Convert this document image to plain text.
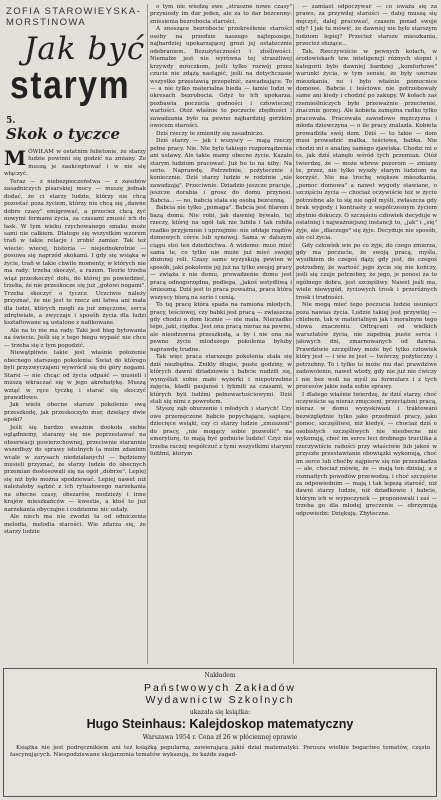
ZOFIA STAROWIEYSKA-MORSTINOWA
Jak być
starym
5.
Skok o tyczce

MÓWIŁAM w ostatnim felietonie, że starzy ludzie powinni się godzić na zmiany. Że muszą je zaakceptować i w nie się włączyć.

Teraz — z niebezpieczeństwa — z zasobów zasadniczych pisarskiej mocy — muszę jednak dodać, że ci starzy ludzie, którzy nie chcą pozostać poza życiem, którzy nie chcą się „dawne dobre czasy" emigrować, a przecież chcą żyć nowymi formami życia, za czasami zmusić ich do łask. W tym wieku rzychowanego smaku może sami nie całkiem. Dlatego się wszystkim wzorem trafi w takie relacje i zrobić zamiar. Tak też wiecie: wiecej, historia — niejednokrotnie — posuwa się naprzód skokami. I gdy się wsiąka w życie, trafi w takie chwile momenty, w których nie ma rady: trzeba skoczyć, a razem. Teorie trzeba wiąż przeskoczyć dołu, do której po powiedzieć, trzeba, że nie przeskocze się już „gotowi nogami". Trzeba skoczyć o tyczce. Uczciwie należy przyznać, że nie jest to rzecz ani łatwa ani mała dla ludzi, których mogli za już zmęczone, serca zdrętwiałe, a zwyczaje i sposób życia dla ludzi kształtowane są ustalone z nafikowane.

Ale na to nie ma rady. Taki jest bieg bytowania na świecie. Jeśli się z tego biegu wypaść nie chce — trzeba się z tym pogodzić.

Niewątpliwie takie jest właśnie położenie obecnego starszego pokolenia: Świat do którego byli przyzwyczajeni wywrócił się do góry nogami. Starsi — nie chcąc od życia odpaść — musieli i muszą wkraczać się w jego akrobatykę. Muszą wziąć w ręce tyczkę i starać się skoczyć prawidłowo.

Jak wielu obecne starsze pokolenie ową przeszkodę, jak przeskoczyło mur, dzielący dwie epoki?

Jeśli się bardzo uważnie dookoła siebie oglądniemy, staramy się nie poprzestawać na obserwacji powierzchownej, przeciwnie starannie wszedłszy do sprawy istotnych (a moim zdaniem wcale w zarysach niedziałanych) — będziemy musieli przyznać, że starzy ludzie do obecnych przemian dostosowali się na ogół „dobrze". Lepiej się niż było można spodziewać. Lepiej nawet niż należałoby sądzić z ich rytuałowego narzekania na obecne czasy, obszarów, modzieży i inne krajów mieszkańców — kwestie, a ktoś to już narzekania obyczajne i codzienne nic ustały.

Ale niech ma nie zwodzi ta od odniczenia melodia, melodia starości. Wie zdarza się, że starzy ludzie

o tym nie wiedzą owe „straszne nowe czasy" przyniosły im dar jeden, ale za to dar bezcenny: zniesienia bezrobocia starości.

A znoszące bezrobocie przekreślenie starości osoby na przedzie naszego najlepszego, najbardziej upokarzającej grozi jej ostatecznie odebraniem. Bezużyteczności i złośliwości. Niemalże jest nie wyrówna tej straszliwej krzywdy mroczkom, jeśli tylko rozwój przez czucie nie zdążą nastąpić, jeśli na dotychczasie wszystko przestawią przepełnić, zawadzające. To — a nie tylko materialna bieda — łamie ludzi w okresach bezrobocia. Gdyż to ich upokarza, pozbawia poczucia godności i człowieczej wartości. Otóż właśnie to poczucie zbędności i zawadzania było na pewno najbardziej gorzkim owocem starości.

Dziś rzeczy te zmieniły się zasadniczo.

Dziś starzy — jak i wszyscy — mają rzeczy pełne pracy. Nie. Nie było takiego rozporządzenia ani ustawy. Ale takie mamy obecne życie. Kazało starym ludziom pracować. Już bo to na niby: Na serio. Naprawdę. Potrzebnie, pożytecznie i koniecznie. Dziś starzy ludzie w rodzinie „nie zawadzają". Przeciwnie. Dziadzio jeszcze pracuje, jeszcze dorabia i grosz do domu przynosi. Babcia... — no, babcia stała się osobą bezcenną.

Babcia nie tylko „pomaga". Babcia jest filarem i bazą domu. Nie robi, jak dawniej bywało, tej rzeczy, której na ogół tak nie lubiła i tak robiła rzadko przyjemnie i uprzejmie: nie oddaje rządów domowych córce lub synowej. Sama w dalszym ciągu stoi ten dziedzictwa. A widomo: musi mieć sama te, co tylko nie może już mieć swojej złożonej roli. Czasy same wyzyskują pewien w sposób, jaki pokolenie jej już na tylko swojej pracy — zwiąża z nie domu, prowadzenie domu jest pracą odnogorzędna, podlega, „jakoś wstydliwą i śmieszną. Dziś jest to praca poważna, praca która wszyscy biorą na serio i cenią.

To tej pracę która spada na ramiona młodych, pracy, teściowej, czy babki jest pracą — zwłaszcza gdy chodzi o dom licznie — nie mała. Nierzadko tego, jaki, ciężka. Jest ona pracą nieraz na pewno, ale nieodzowna przeszkodą, a by i nie ona na pewno życie młodszego pokolenia byłoby naprawdę trudne.

Tak więc praca starszego pokolenia stała się dziś niezbędna. Znikły długie, puste godziny, w których dawni dziadziowie i babcie nudzili się, wymyślali sobie małe wyżerki i niepotrzebne zajęcia, kładli pasjansé i łykmili za czasami, w których byli ludźmi pełnowartościowymi. Dziś stali się nimi z powrotem.

Styszę ząb oburzenie i młodych i starych! Czy owe przemęczone babcie popychające, sapiące, dziecięce wsiąki, czy ci starzy ludzie „zmuszeni" do pracy, „nie mogący sobie pozwolić" na emeryturę, to mają być godnicie ludzie! Czyż nie trzeba raczej współczuć z tymi wszystkimi starymi ludźmi, którym

— zamiast odpoczywać — co uważa się za prawo, za przywilej starości — dalej muszą się męczyć, dalej pracować, czasem ponad swoje siły? I jak tu mówić, że dawniej nie było starszym ludziom lepiej? Przecież starsze mieszkania, przecież służące...

Tak. Rzeczywiście w pewnych kołach, w środowiskach tzw. inteligencji różnych stopni i kategorii było dawniej bardziej „komfortowe" warunki życia, w tym sensie, że były szersze mieszkania, no i było właśnie pomocnice domowe. Babcie i teściowe nie potrzebowały same ani kiedy i chodzić po zakupy. W kołach zaś rzemieślniczych było przeważnie przeciwnie, znacznie gorzej. Ale kobieta zamężna radko tylko pracowała. Pracowała zawodowo mężczyzna i młoda dziewczyna — o ile pracy znalazła. Kobieta prowadziła swój dom. Dziś — to takie — dom musi prowadzić matka, teściowa, babka. Nie chodzi mi o analizę samego zjawiska. Chodzi mi o to, jak dziś stanęło wśród tych przemian. Otóż twierdzę, że — może wbrew pozorom — zmiany te, przez, nie tylko wyszły starym ludziom na korzyść. Nie ma trochę większe mieszkania, „pomoc domowa" a nawet wygody stawiane, o szczęściu życia — chociaż oczywiście też w życiu potrzebne ale to się nie ogół myśli, zwłaszcza gdy brak wygody i kontrasty z wspólczesnym życiem zbytnio dokuczy. O szczęściu człowiek decyduje w ostatniej i najważniejszej instancji to, „jak" i „się" żyje, ale „dlaczego" się żyje. Decyduje nie sposób, ale cel życia.

Gdy człowiek wie po co żyje, do czego zmierza, gdy ma poczucie, że swoją pracą, myśla, wysiłkiem do czegoś dąży, gdy jest, do czegoś potrzebny, że wartość jego życie się nie kończy, jeśli się czuje potrzebny, że jego, je ponosi za to ogólnego dobra, jest szczęśliwy. Nawet jeśli ma, wiele niewygód, życiowych trosk i przeróżnych trosk i trudności.

Nie mogą mieć tego poczucia ludzie usunięci poza nawias życia. Ludzie takiej jest przywilej — chlebem, tak w materialnym jak i moralnym tego słowa znaczeniu. Odtrącani od wielkich warsztatów życia, nie zapełnią puste serca i jałowych dni, zmarnowanych od dawna. Prawdziwie szczęśliwy może być tylko człowiek który jest — i wie że jest — twórczy, pożyteczny i potrzebny. To i tylko to może mu dać prawdziwe zadowolenie, nawet wtedy, gdy nie już nie ćwiczy i nie bez woli na myśl za formularz i z tych procesów jakie zada sobie sprawy.

I dlatego właśnie twierdzę, że dziś starzy, choć oczywiście są nieraz zmęczeni, przeciążeni pracą, nieraz w domu wyzyskiwani i traktowani bezwzględnie tylko jako przedmiot pracy, jako pomoc, szczęśliwsi, niż kiedyś, — chociaż dziś o osobistych szczęśliwych nie nieobecne nie wykonują, choć im serce leci drobnego trucilika a rzeczywiście radości przy właściwie lub jakoś w przyszłe przestawianie obowiązki wykonują, choć im serce lub choćby najpierw się nie przeszkadza — ale, chociaż mówię, że — mają ten dzisiaj, a z rozmaitych powodów przewodzą. i choć szczęście za odpowiednim — mają i tak lepszą starość, niż dawni starzy ludzie, niż dziadkowie i babcie, którym ich w wypoczynek — proponowali i zaś — trzeba go dla młodej greczenie — obrzymują odpowiedzi: Dziękuję. Zbyteczne.

Nakładem

Państwowych Zakładów

Wydawnictw Szkolnych

ukazała się książka:

Hugo Steinhaus: Kalejdoskop matematyczny

Warszawa 1954 r. Cena zł 26 w płóciennej oprawie

Książka nie jest podręcznikiem ani też książką popularną, zawierającą jakiś dział matematyki. Porusza wielkie bogactwo tematów, często fascynujących. Niespodziewane skojarzenia tematów wykazują, że każde zagad-
